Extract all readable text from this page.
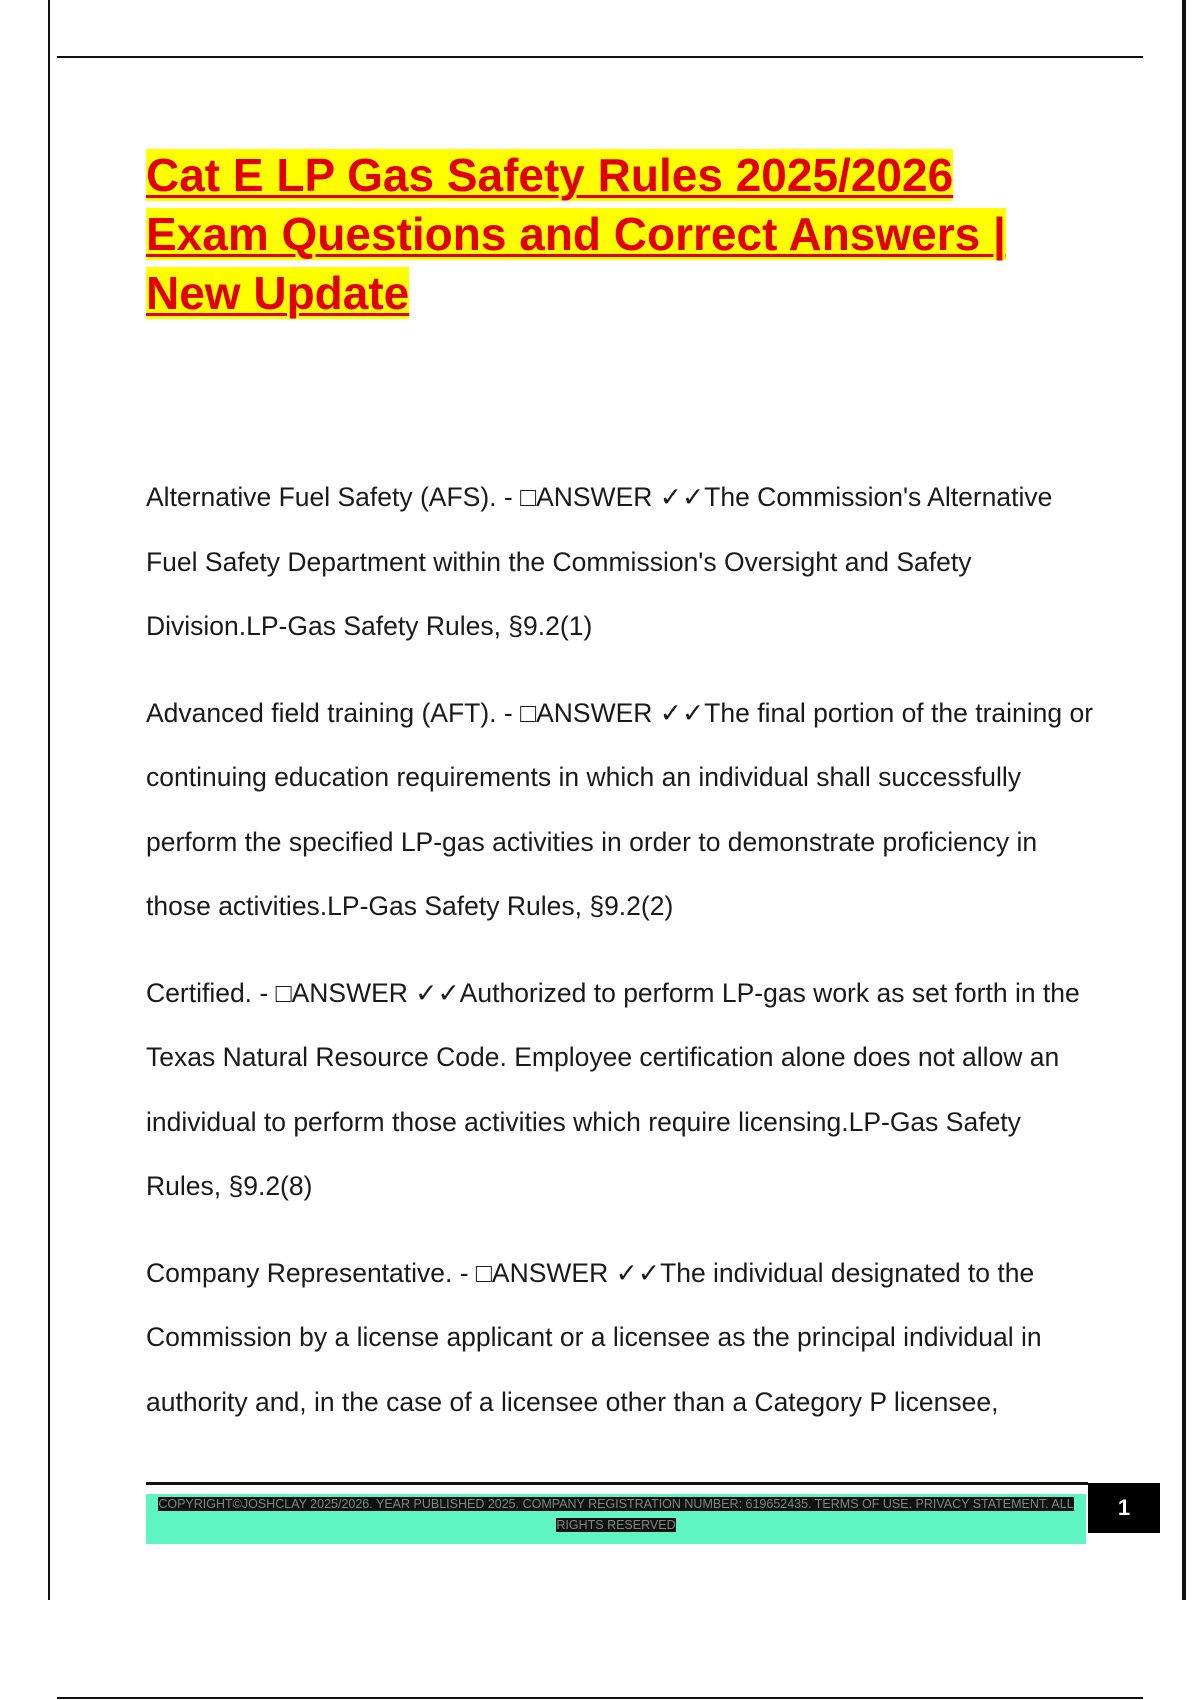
Cat E LP Gas Safety Rules 2025/2026 Exam Questions and Correct Answers | New Update

Alternative Fuel Safety (AFS). - □ANSWER ✓✓The Commission's Alternative Fuel Safety Department within the Commission's Oversight and Safety Division.LP-Gas Safety Rules, §9.2(1)

Advanced field training (AFT). - □ANSWER ✓✓The final portion of the training or continuing education requirements in which an individual shall successfully perform the specified LP-gas activities in order to demonstrate proficiency in those activities.LP-Gas Safety Rules, §9.2(2)

Certified. - □ANSWER ✓✓Authorized to perform LP-gas work as set forth in the Texas Natural Resource Code. Employee certification alone does not allow an individual to perform those activities which require licensing.LP-Gas Safety Rules, §9.2(8)

Company Representative. - □ANSWER ✓✓The individual designated to the Commission by a license applicant or a licensee as the principal individual in authority and, in the case of a licensee other than a Category P licensee,

COPYRIGHT©JOSHCLAY 2025/2026. YEAR PUBLISHED 2025. COMPANY REGISTRATION NUMBER: 619652435. TERMS OF USE. PRIVACY STATEMENT. ALL RIGHTS RESERVED
1
